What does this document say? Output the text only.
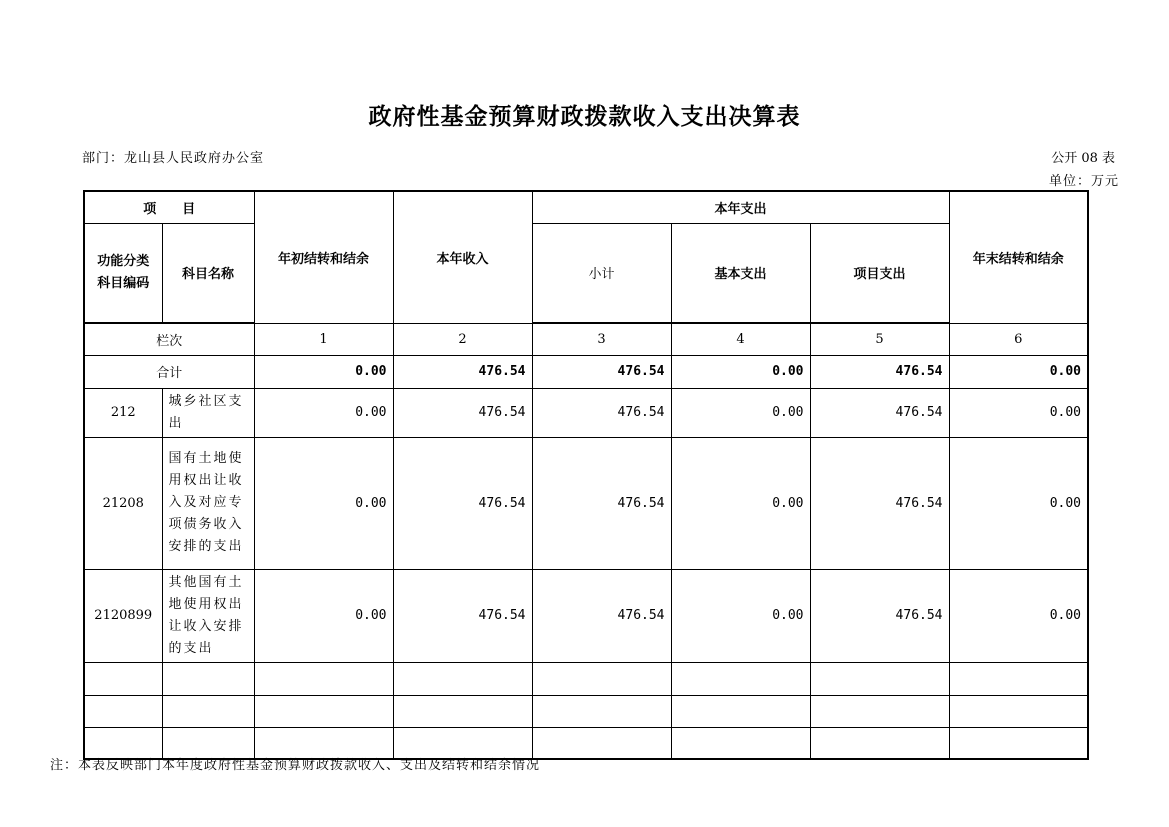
政府性基金预算财政拨款收入支出决算表
部门：龙山县人民政府办公室	公开 08 表
单位：万元
项　　目		年初结转和结余	本年收入	本年支出			年末结转和结余

功能分类
科目编码	科目名称			小计	基本支出	项目支出	
栏次		1	2	3	4	5	6
合计		0.00	476.54	476.54	0.00	476.54	0.00
212	城乡社区支出	0.00	476.54	476.54	0.00	476.54	0.00
21208	国有土地使用权出让收入及对应专项债务收入安排的支出	0.00	476.54	476.54	0.00	476.54	0.00
2120899	其他国有土地使用权出让收入安排的支出	0.00	476.54	476.54	0.00	476.54	0.00

注：本表反映部门本年度政府性基金预算财政拨款收入、支出及结转和结余情况
